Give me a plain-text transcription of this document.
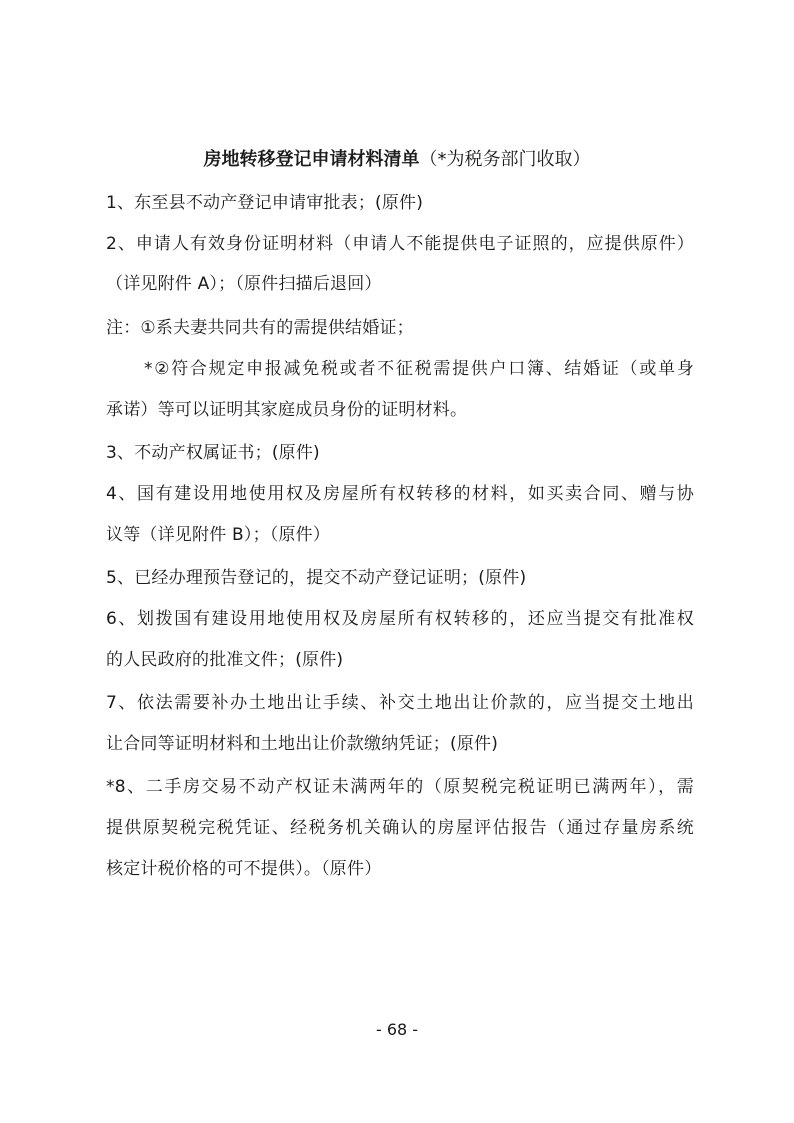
房地转移登记申请材料清单（*为税务部门收取）
1、东至县不动产登记申请审批表；(原件)
2、申请人有效身份证明材料（申请人不能提供电子证照的，应提供原件）
（详见附件 A）；（原件扫描后退回）
注：①系夫妻共同共有的需提供结婚证；
*②符合规定申报减免税或者不征税需提供户口簿、结婚证（或单身
承诺）等可以证明其家庭成员身份的证明材料。
3、不动产权属证书；(原件)
4、国有建设用地使用权及房屋所有权转移的材料，如买卖合同、赠与协
议等（详见附件 B）；（原件）
5、已经办理预告登记的，提交不动产登记证明；(原件)
6、划拨国有建设用地使用权及房屋所有权转移的，还应当提交有批准权
的人民政府的批准文件；(原件)
7、依法需要补办土地出让手续、补交土地出让价款的，应当提交土地出
让合同等证明材料和土地出让价款缴纳凭证；(原件)
*8、二手房交易不动产权证未满两年的（原契税完税证明已满两年），需
提供原契税完税凭证、经税务机关确认的房屋评估报告（通过存量房系统
核定计税价格的可不提供）。（原件）
- 68 -
